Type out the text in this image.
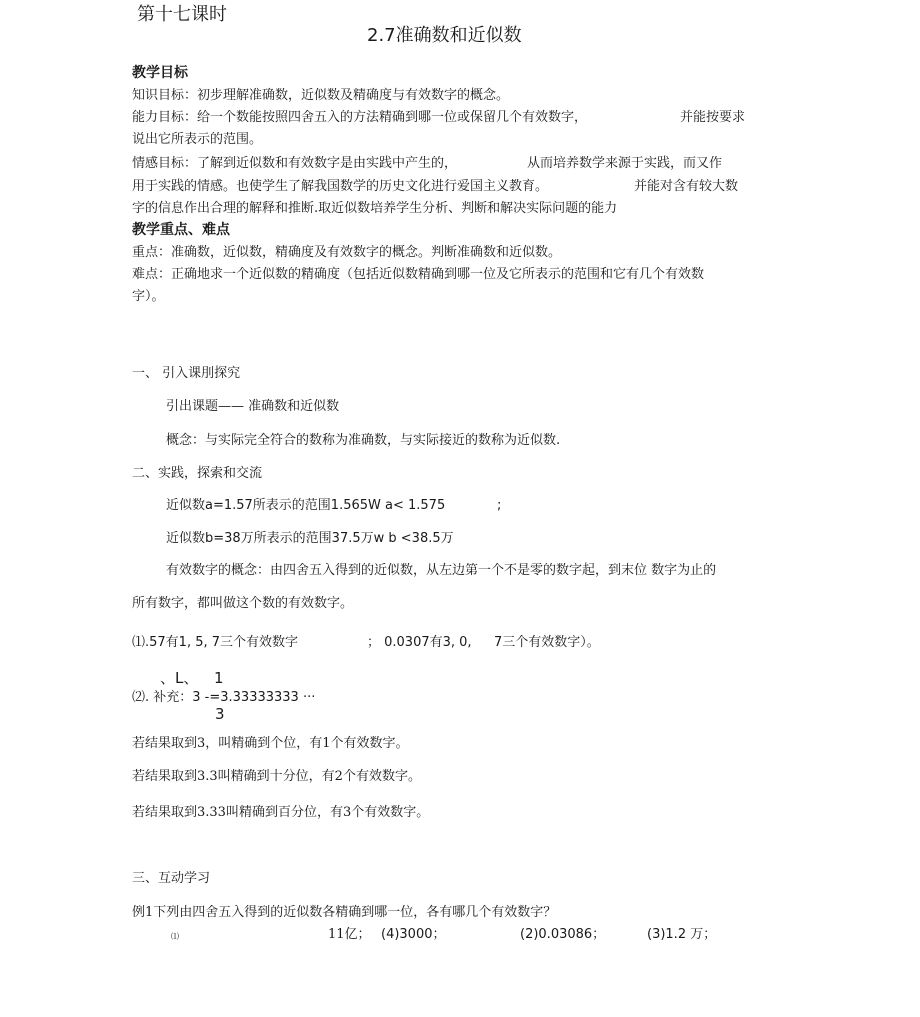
第十七课时
2.7准确数和近似数
教学目标
知识目标：初步理解准确数，近似数及精确度与有效数字的概念。
能力目标：给一个数能按照四舍五入的方法精确到哪一位或保留几个有效数字，	并能按要求
说出它所表示的范围。
情感目标：了解到近似数和有效数字是由实践中产生的，	从而培养数学来源于实践，而又作
用于实践的情感。也使学生了解我国数学的历史文化进行爱国主义教育。	并能对含有较大数
字的信息作出合理的解释和推断.取近似数培养学生分析、判断和解决实际问题的能力
教学重点、难点
重点：准确数，近似数，精确度及有效数字的概念。判断准确数和近似数。
难点：正确地求一个近似数的精确度（包括近似数精确到哪一位及它所表示的范围和它有几个有效数
字）。
一、 引入课刖探究
引出课题—— 准确数和近似数
概念：与实际完全符合的数称为准确数，与实际接近的数称为近似数.
二、实践，探索和交流
近似数a=1.57所表示的范围1.565W a< 1.575	;
近似数b=38万所表示的范围37.5万w b <38.5万
有效数字的概念：由四舍五入得到的近似数，从左边第一个不是零的数字起，到末位 数字为止的
所有数字，都叫做这个数的有效数字。
⑴.57有1, 5, 7三个有效数字	； 0.0307有3, 0, 7三个有效数字）。
、L、 1
⑵. 补充：3 -=3.33333333 ···
3
若结果取到3，叫精确到个位，有1个有效数字。
若结果取到3.3叫精确到十分位，有2个有效数字。
若结果取到3.33叫精确到百分位，有3个有效数字。
三、互动学习
例1下列由四舍五入得到的近似数各精确到哪一位，各有哪几个有效数字？
⑴	11亿； (4)3000；	(2)0.03086；	(3)1.2 万；
